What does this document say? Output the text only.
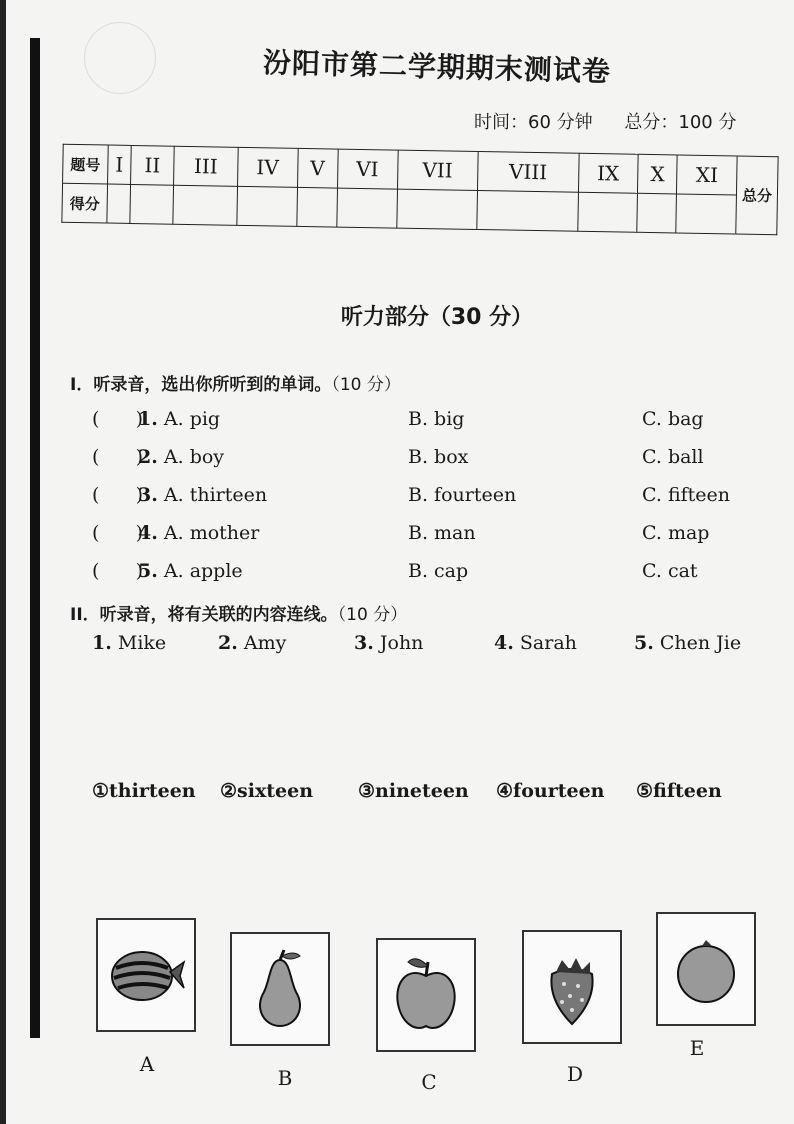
汾阳市第二学期期末测试卷
时间：60 分钟 总分：100 分
题号	I	II	III	IV	V	VI	VII	VIII	IX	X	XI	总分
得分												
听力部分（30 分）
I．听录音，选出你所听到的单词。（10 分）
(      )
1. A. pig	B. big	C. bag
(      )
2. A. boy	B. box	C. ball
(      )
3. A. thirteen	B. fourteen	C. fifteen
(      )
4. A. mother	B. man	C. map
(      )
5. A. apple	B. cap	C. cat
II．听录音，将有关联的内容连线。（10 分）
1. Mike	2. Amy	3. John	4. Sarah	5. Chen Jie
①thirteen ②sixteen ③nineteen ④fourteen ⑤fifteen
A
B	C	D
E
